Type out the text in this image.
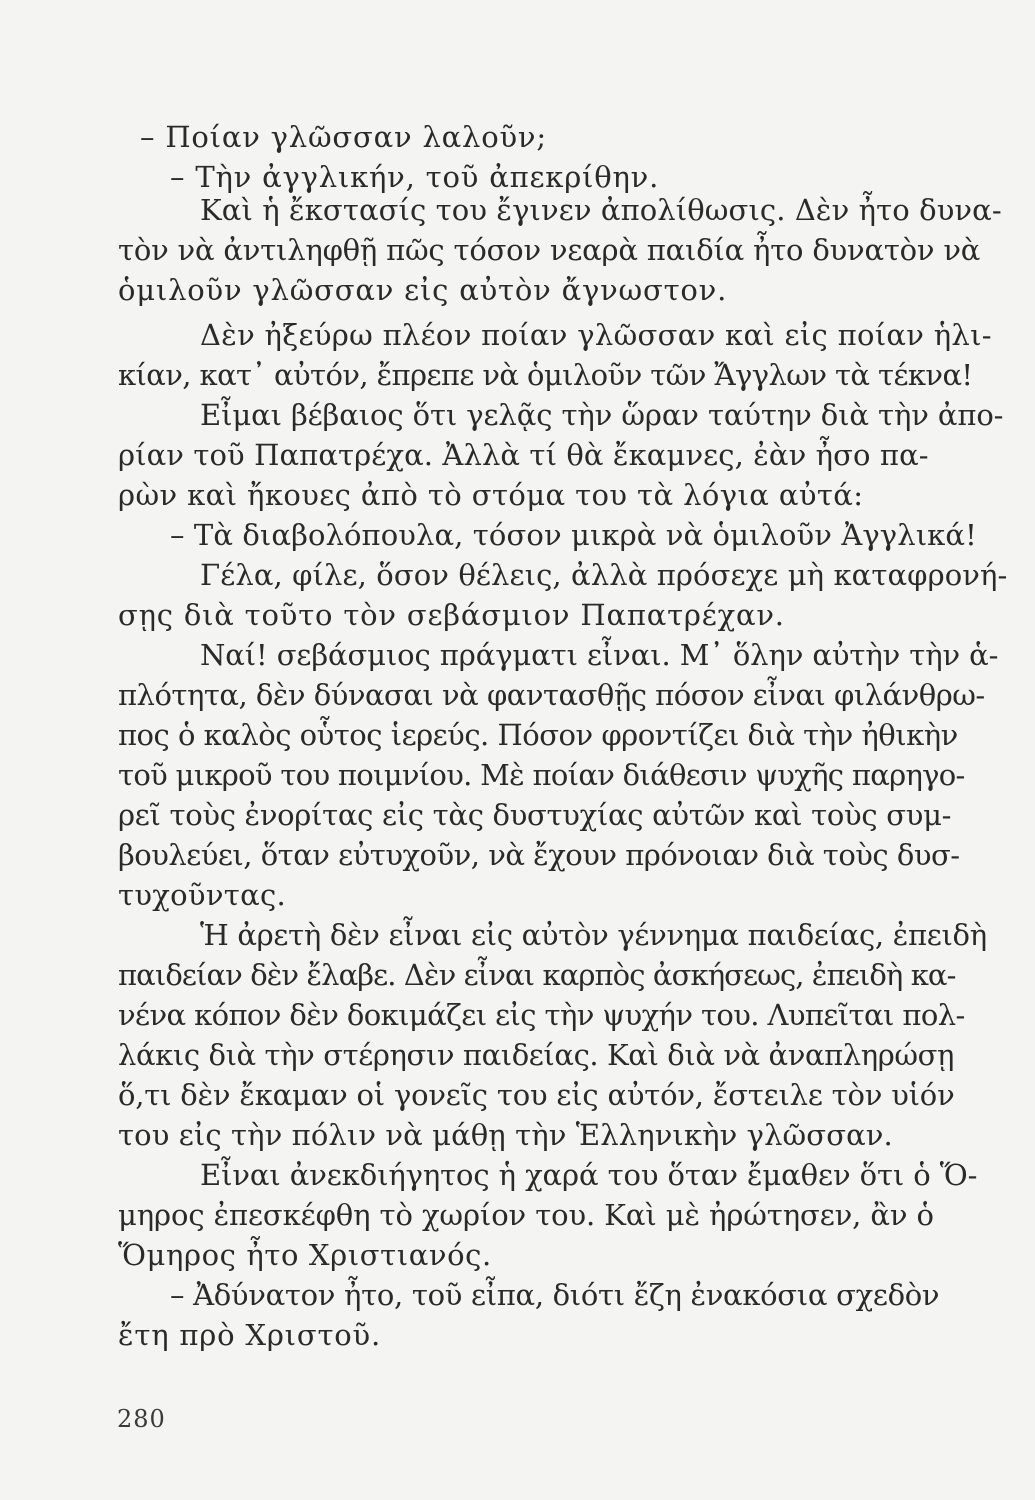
– Ποίαν γλῶσσαν λαλοῦν;

– Τὴν ἀγγλικήν, τοῦ ἀπεκρίθην.

Καὶ ἡ ἔκστασίς του ἔγινεν ἀπολίθωσις. Δὲν ἦτο δυνα-

τὸν νὰ ἀντιληφθῇ πῶς τόσον νεαρὰ παιδία ἦτο δυνατὸν νὰ

ὁμιλοῦν γλῶσσαν εἰς αὐτὸν ἄγνωστον.

Δὲν ἠξεύρω πλέον ποίαν γλῶσσαν καὶ εἰς ποίαν ἡλι-

κίαν, κατ᾽ αὐτόν, ἔπρεπε νὰ ὁμιλοῦν τῶν Ἄγγλων τὰ τέκνα!

Εἶμαι βέβαιος ὅτι γελᾷς τὴν ὥραν ταύτην διὰ τὴν ἀπο-

ρίαν τοῦ Παπατρέχα. Ἀλλὰ τί θὰ ἔκαμνες, ἐὰν ἦσο πα-

ρὼν καὶ ἤκουες ἀπὸ τὸ στόμα του τὰ λόγια αὐτά:

– Τὰ διαβολόπουλα, τόσον μικρὰ νὰ ὁμιλοῦν Ἀγγλικά!

Γέλα, φίλε, ὅσον θέλεις, ἀλλὰ πρόσεχε μὴ καταφρονή-

σῃς διὰ τοῦτο τὸν σεβάσμιον Παπατρέχαν.

Ναί! σεβάσμιος πράγματι εἶναι. Μ᾽ ὅλην αὐτὴν τὴν ἁ-

πλότητα, δὲν δύνασαι νὰ φαντασθῇς πόσον εἶναι φιλάνθρω-

πος ὁ καλὸς οὗτος ἱερεύς. Πόσον φροντίζει διὰ τὴν ἠθικὴν

τοῦ μικροῦ του ποιμνίου. Μὲ ποίαν διάθεσιν ψυχῆς παρηγο-

ρεῖ τοὺς ἐνορίτας εἰς τὰς δυστυχίας αὐτῶν καὶ τοὺς συμ-

βουλεύει, ὅταν εὐτυχοῦν, νὰ ἔχουν πρόνοιαν διὰ τοὺς δυσ-

τυχοῦντας.

Ἡ ἀρετὴ δὲν εἶναι εἰς αὐτὸν γέννημα παιδείας, ἐπειδὴ

παιδείαν δὲν ἔλαβε. Δὲν εἶναι καρπὸς ἀσκήσεως, ἐπειδὴ κα-

νένα κόπον δὲν δοκιμάζει εἰς τὴν ψυχήν του. Λυπεῖται πολ-

λάκις διὰ τὴν στέρησιν παιδείας. Καὶ διὰ νὰ ἀναπληρώσῃ

ὅ,τι δὲν ἔκαμαν οἱ γονεῖς του εἰς αὐτόν, ἔστειλε τὸν υἱόν

του εἰς τὴν πόλιν νὰ μάθῃ τὴν Ἑλληνικὴν γλῶσσαν.

Εἶναι ἀνεκδιήγητος ἡ χαρά του ὅταν ἔμαθεν ὅτι ὁ Ὅ-

μηρος ἐπεσκέφθη τὸ χωρίον του. Καὶ μὲ ἠρώτησεν, ἂν ὁ

Ὅμηρος ἦτο Χριστιανός.

– Ἀδύνατον ἦτο, τοῦ εἶπα, διότι ἔζη ἐνακόσια σχεδὸν

ἔτη πρὸ Χριστοῦ.

280
